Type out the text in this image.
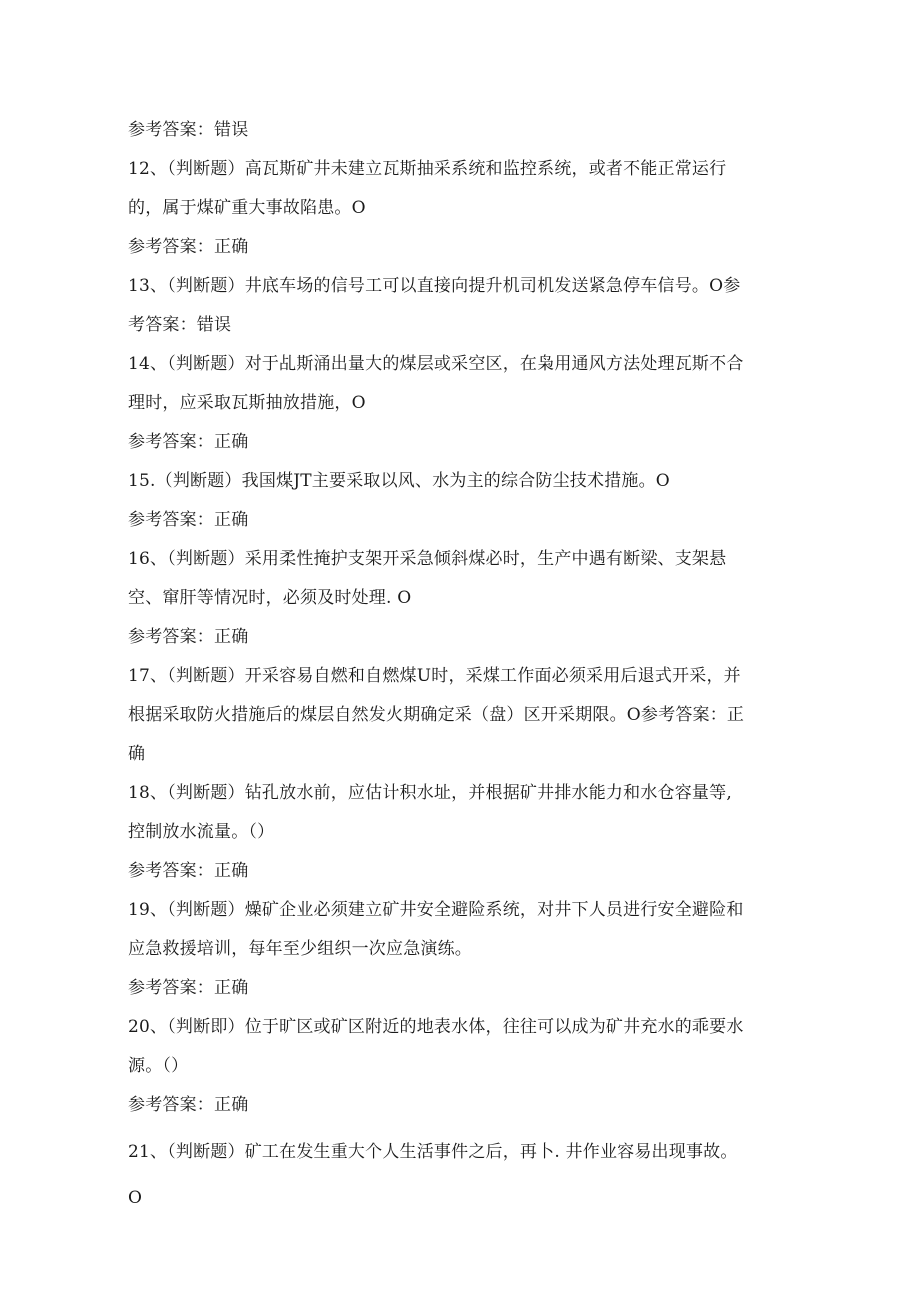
参考答案：错误
12、（判断题）高瓦斯矿井未建立瓦斯抽采系统和监控系统，或者不能正常运行
的，属于煤矿重大事故陷患。O
参考答案：正确
13、（判断题）井底车场的信号工可以直接向提升机司机发送紧急停车信号。O参
考答案：错误
14、（判断题）对于乩斯涌出量大的煤层或采空区，在枭用通风方法处理瓦斯不合
理时，应采取瓦斯抽放措施，O
参考答案：正确
15.（判断题）我国煤JT主要采取以风、水为主的综合防尘技术措施。O
参考答案：正确
16、（判断题）采用柔性掩护支架开采急倾斜煤必时，生产中遇有断梁、支架悬
空、窜肝等情况时，必须及时处理. O
参考答案：正确
17、（判断题）开采容易自燃和自燃煤U时，采煤工作面必须采用后退式开采，并
根据采取防火措施后的煤层自然发火期确定采（盘）区开采期限。O参考答案：正
确
18、（判断题）钻孔放水前，应估计积水址，并根据矿井排水能力和水仓容量等,
控制放水流量。（）
参考答案：正确
19、（判断题）燥矿企业必须建立矿井安全避险系统，对井下人员进行安全避险和
应急救援培训，每年至少组织一次应急演练。
参考答案：正确
20、（判断即）位于旷区或矿区附近的地表水体，往往可以成为矿井充水的乖要水
源。（）
参考答案：正确
21、（判断题）矿工在发生重大个人生活事件之后，再卜. 井作业容易出现事故。
O
